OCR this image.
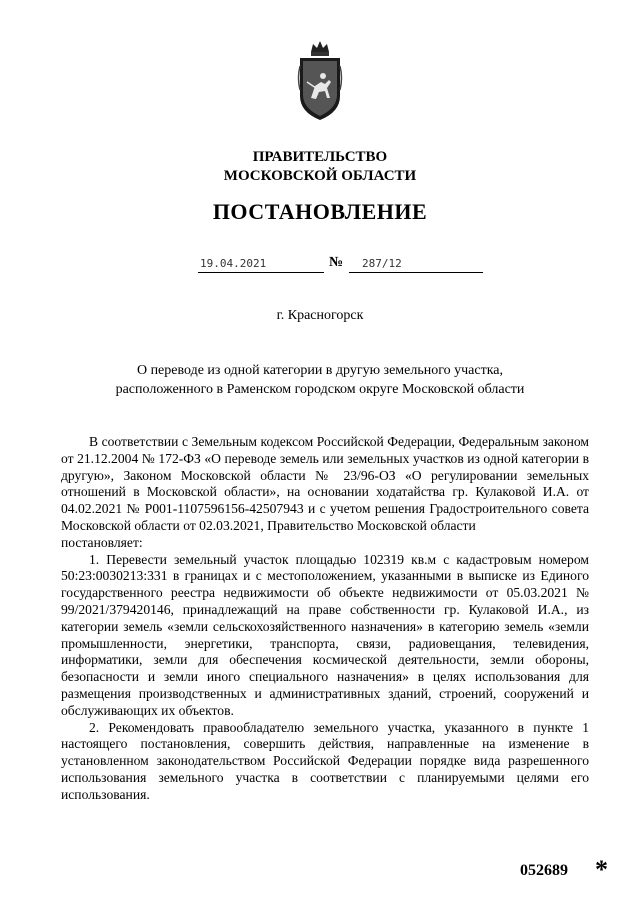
ПРАВИТЕЛЬСТВО
МОСКОВСКОЙ ОБЛАСТИ
ПОСТАНОВЛЕНИЕ
19.04.2021	№ 287/12
г. Красногорск
О переводе из одной категории в другую земельного участка,
расположенного в Раменском городском округе Московской области

В соответствии с Земельным кодексом Российской Федерации, Федеральным законом от 21.12.2004 № 172-ФЗ «О переводе земель или земельных участков из одной категории в другую», Законом Московской области № 23/96-ОЗ «О регулировании земельных отношений в Московской области», на основании ходатайства гр. Кулаковой И.А. от 04.02.2021 № Р001-1107596156-42507943 и с учетом решения Градостроительного совета Московской области от 02.03.2021, Правительство Московской области

постановляет:

1. Перевести земельный участок площадью 102319 кв.м с кадастровым номером 50:23:0030213:331 в границах и с местоположением, указанными в выписке из Единого государственного реестра недвижимости об объекте недвижимости от 05.03.2021 № 99/2021/379420146, принадлежащий на праве собственности гр. Кулаковой И.А., из категории земель «земли сельскохозяйственного назначения» в категорию земель «земли промышленности, энергетики, транспорта, связи, радиовещания, телевидения, информатики, земли для обеспечения космической деятельности, земли обороны, безопасности и земли иного специального назначения» в целях использования для размещения производственных и административных зданий, строений, сооружений и обслуживающих их объектов.

2. Рекомендовать правообладателю земельного участка, указанного в пункте 1 настоящего постановления, совершить действия, направленные на изменение в установленном законодательством Российской Федерации порядке вида разрешенного использования земельного участка в соответствии с планируемыми целями его использования.

052689 *
